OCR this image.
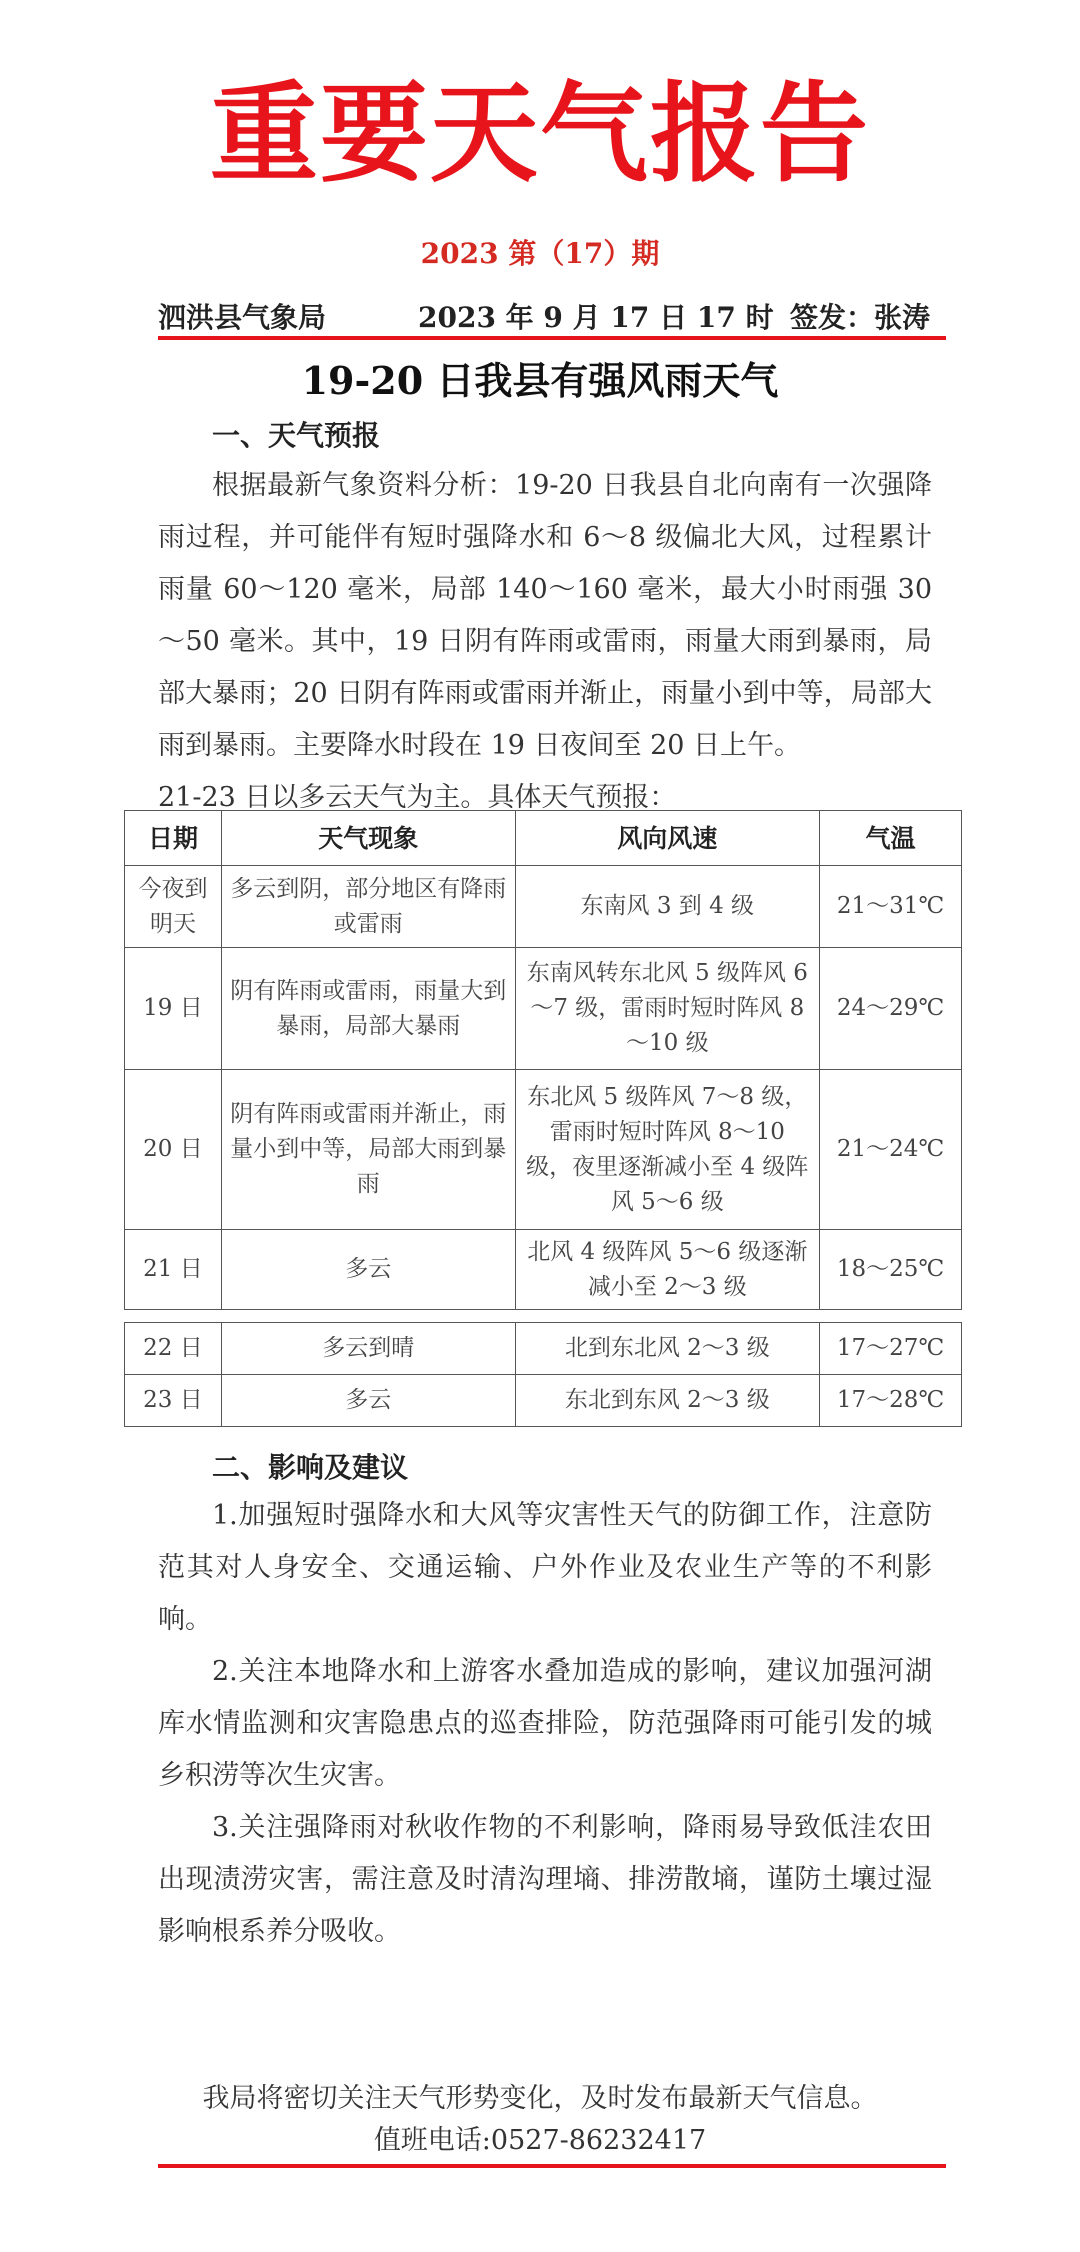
重要天气报告
2023 第（17）期
泗洪县气象局	2023 年 9 月 17 日 17 时 签发：张涛
19-20 日我县有强风雨天气
一、天气预报

根据最新气象资料分析：19-20 日我县自北向南有一次强降雨过程，并可能伴有短时强降水和 6～8 级偏北大风，过程累计雨量 60～120 毫米，局部 140～160 毫米，最大小时雨强 30～50 毫米。其中，19 日阴有阵雨或雷雨，雨量大雨到暴雨，局部大暴雨；20 日阴有阵雨或雷雨并渐止，雨量小到中等，局部大雨到暴雨。主要降水时段在 19 日夜间至 20 日上午。

21-23 日以多云天气为主。具体天气预报：

日期	天气现象	风向风速	气温
今夜到明天	多云到阴，部分地区有降雨或雷雨	东南风 3 到 4 级	21～31℃
19 日	阴有阵雨或雷雨，雨量大到暴雨，局部大暴雨	东南风转东北风 5 级阵风 6～7 级，雷雨时短时阵风 8～10 级	24～29℃
20 日	阴有阵雨或雷雨并渐止，雨量小到中等，局部大雨到暴雨	东北风 5 级阵风 7～8 级，雷雨时短时阵风 8～10 级，夜里逐渐减小至 4 级阵风 5～6 级	21～24℃
21 日	多云	北风 4 级阵风 5～6 级逐渐减小至 2～3 级	18～25℃
22 日	多云到晴	北到东北风 2～3 级	17～27℃
23 日	多云	东北到东风 2～3 级	17～28℃
二、影响及建议

1.加强短时强降水和大风等灾害性天气的防御工作，注意防范其对人身安全、交通运输、户外作业及农业生产等的不利影响。

2.关注本地降水和上游客水叠加造成的影响，建议加强河湖库水情监测和灾害隐患点的巡查排险，防范强降雨可能引发的城乡积涝等次生灾害。

3.关注强降雨对秋收作物的不利影响，降雨易导致低洼农田出现渍涝灾害，需注意及时清沟理墒、排涝散墒，谨防土壤过湿影响根系养分吸收。

我局将密切关注天气形势变化，及时发布最新天气信息。
值班电话:0527-86232417
